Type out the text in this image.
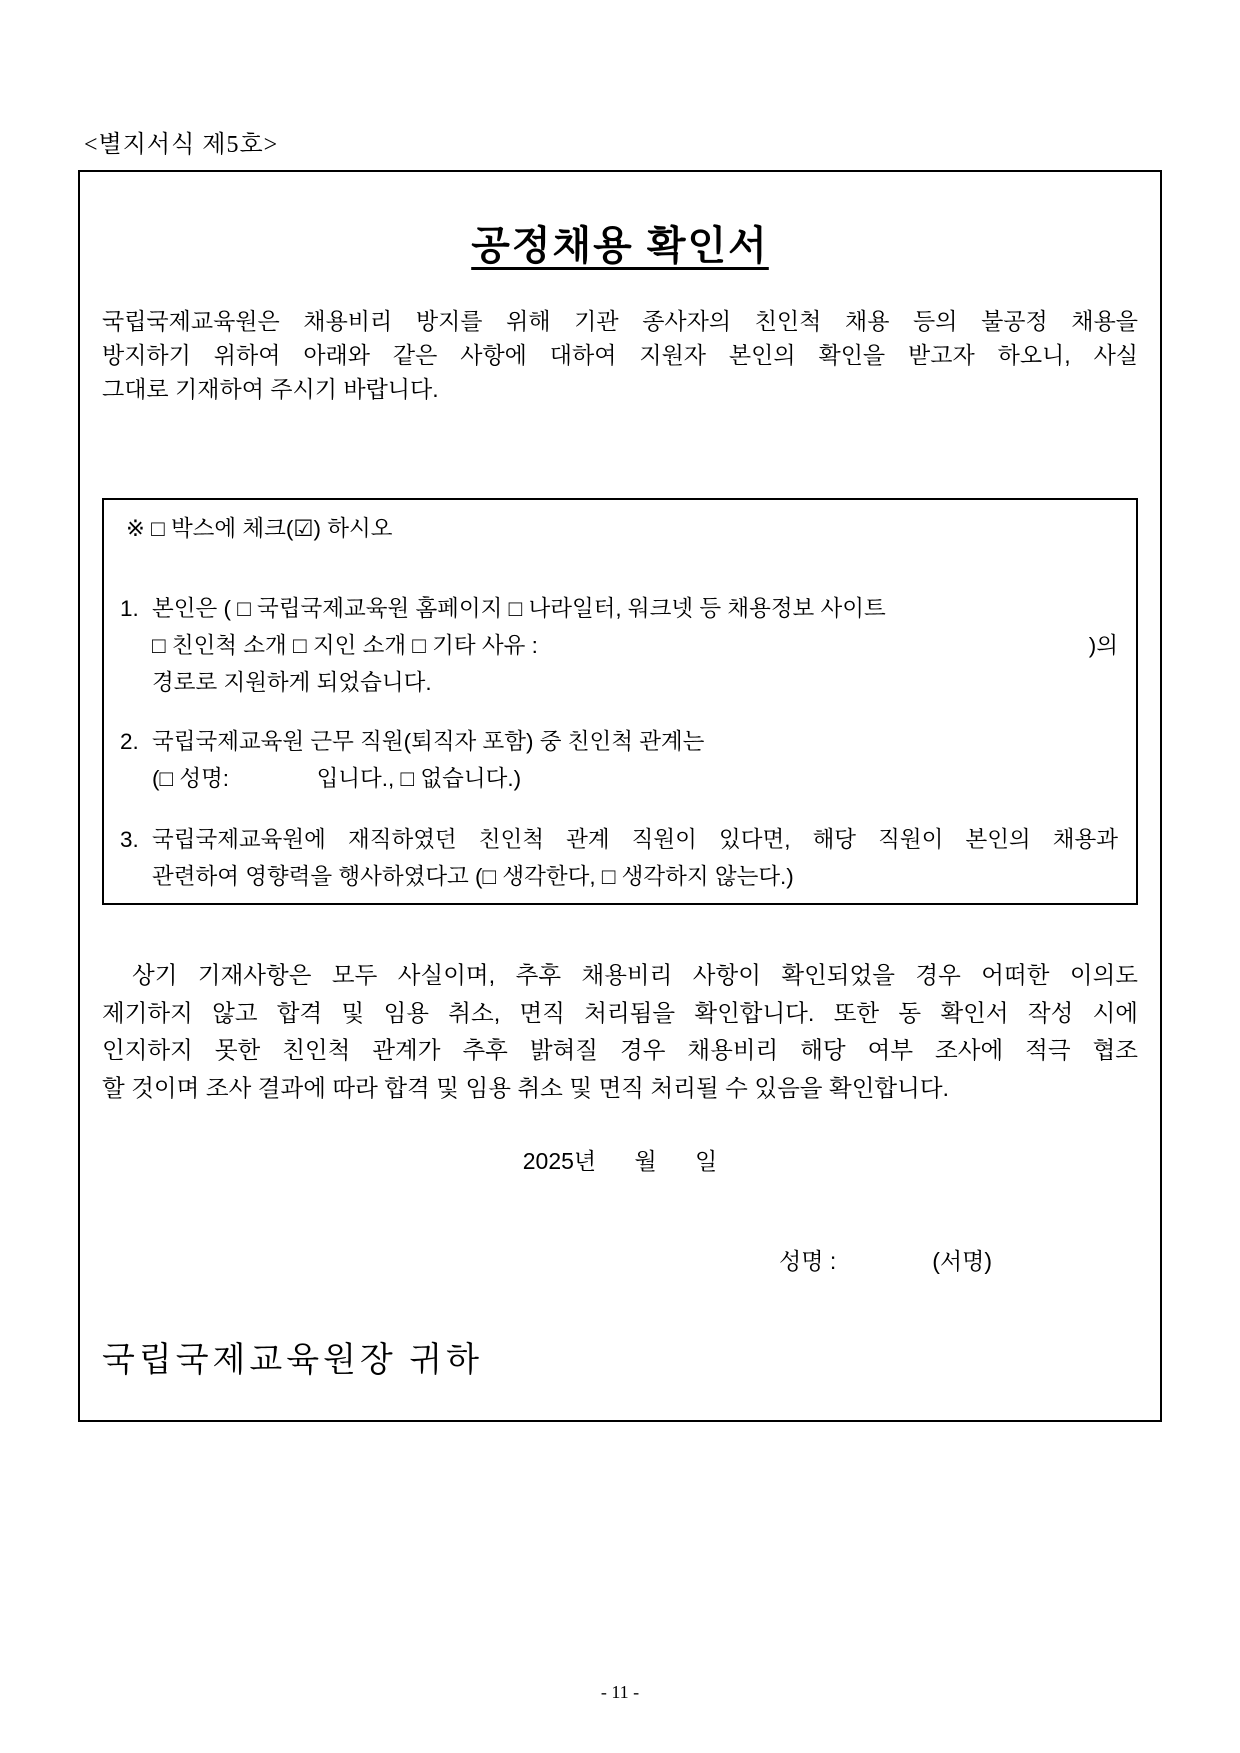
<별지서식 제5호>
공정채용 확인서
국립국제교육원은 채용비리 방지를 위해 기관 종사자의 친인척 채용 등의 불공정 채용을
방지하기 위하여 아래와 같은 사항에 대하여 지원자 본인의 확인을 받고자 하오니, 사실
그대로 기재하여 주시기 바랍니다.
※ □ 박스에 체크(☑) 하시오
1. 본인은 ( □ 국립국제교육원 홈페이지 □ 나라일터, 워크넷 등 채용정보 사이트
□ 친인척 소개 □ 지인 소개 □ 기타 사유 :	)의
경로로 지원하게 되었습니다.
2. 국립국제교육원 근무 직원(퇴직자 포함) 중 친인척 관계는
(□ 성명:              입니다., □ 없습니다.)
3. 국립국제교육원에 재직하였던 친인척 관계 직원이 있다면, 해당 직원이 본인의 채용과
관련하여 영향력을 행사하였다고 (□ 생각한다, □ 생각하지 않는다.)
상기 기재사항은 모두 사실이며, 추후 채용비리 사항이 확인되었을 경우 어떠한 이의도
제기하지 않고 합격 및 임용 취소, 면직 처리됨을 확인합니다. 또한 동 확인서 작성 시에
인지하지 못한 친인척 관계가 추후 밝혀질 경우 채용비리 해당 여부 조사에 적극 협조
할 것이며 조사 결과에 따라 합격 및 임용 취소 및 면직 처리될 수 있음을 확인합니다.
2025년      월      일
성명 :	(서명)
국립국제교육원장 귀하
- 11 -
